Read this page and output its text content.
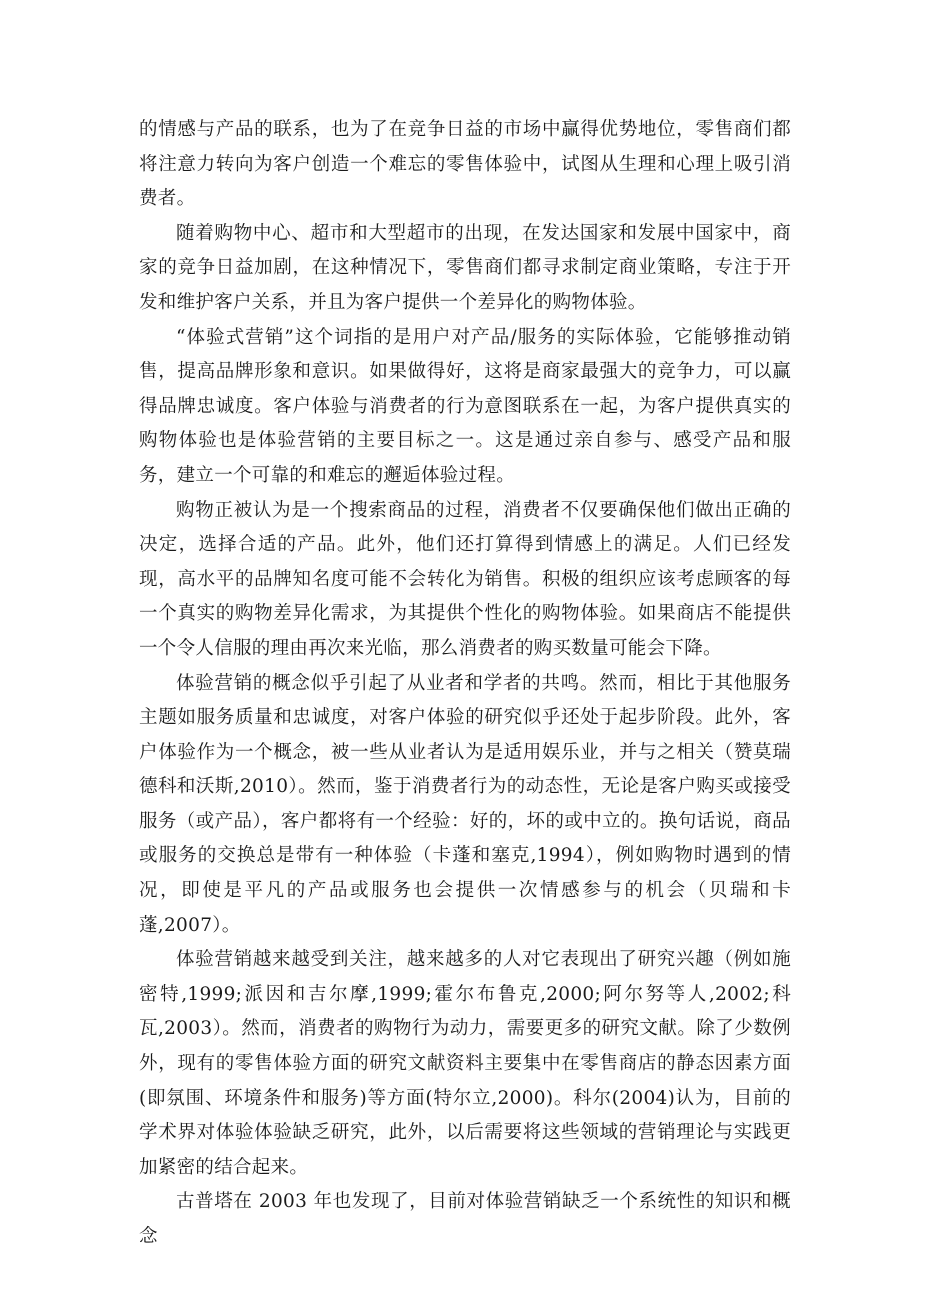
的情感与产品的联系，也为了在竞争日益的市场中赢得优势地位，零售商们都将注意力转向为客户创造一个难忘的零售体验中，试图从生理和心理上吸引消费者。

随着购物中心、超市和大型超市的出现，在发达国家和发展中国家中，商家的竞争日益加剧，在这种情况下，零售商们都寻求制定商业策略，专注于开发和维护客户关系，并且为客户提供一个差异化的购物体验。

“体验式营销”这个词指的是用户对产品/服务的实际体验，它能够推动销售，提高品牌形象和意识。如果做得好，这将是商家最强大的竞争力，可以赢得品牌忠诚度。客户体验与消费者的行为意图联系在一起，为客户提供真实的购物体验也是体验营销的主要目标之一。这是通过亲自参与、感受产品和服务，建立一个可靠的和难忘的邂逅体验过程。

购物正被认为是一个搜索商品的过程，消费者不仅要确保他们做出正确的决定，选择合适的产品。此外，他们还打算得到情感上的满足。人们已经发现，高水平的品牌知名度可能不会转化为销售。积极的组织应该考虑顾客的每一个真实的购物差异化需求，为其提供个性化的购物体验。如果商店不能提供一个令人信服的理由再次来光临，那么消费者的购买数量可能会下降。

体验营销的概念似乎引起了从业者和学者的共鸣。然而，相比于其他服务主题如服务质量和忠诚度，对客户体验的研究似乎还处于起步阶段。此外，客户体验作为一个概念，被一些从业者认为是适用娱乐业，并与之相关（赞莫瑞德科和沃斯,2010）。然而，鉴于消费者行为的动态性，无论是客户购买或接受服务（或产品），客户都将有一个经验：好的，坏的或中立的。换句话说，商品或服务的交换总是带有一种体验（卡蓬和塞克,1994），例如购物时遇到的情况，即使是平凡的产品或服务也会提供一次情感参与的机会（贝瑞和卡蓬,2007）。

体验营销越来越受到关注，越来越多的人对它表现出了研究兴趣（例如施密特,1999;派因和吉尔摩,1999;霍尔布鲁克,2000;阿尔努等人,2002;科瓦,2003）。然而，消费者的购物行为动力，需要更多的研究文献。除了少数例外，现有的零售体验方面的研究文献资料主要集中在零售商店的静态因素方面(即氛围、环境条件和服务)等方面(特尔立,2000)。科尔(2004)认为，目前的学术界对体验体验缺乏研究，此外，以后需要将这些领域的营销理论与实践更加紧密的结合起来。

古普塔在 2003 年也发现了，目前对体验营销缺乏一个系统性的知识和概念
